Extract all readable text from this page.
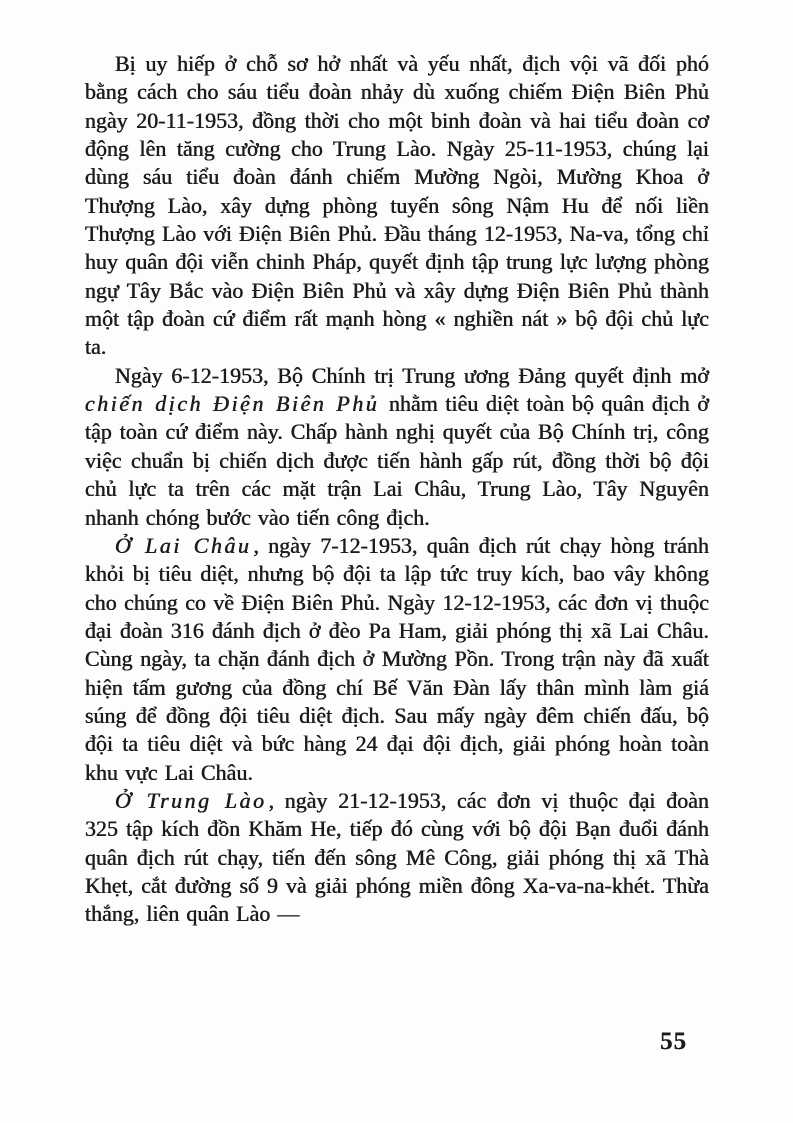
Bị uy hiếp ở chỗ sơ hở nhất và yếu nhất, địch vội vã đối phó bằng cách cho sáu tiểu đoàn nhảy dù xuống chiếm Điện Biên Phủ ngày 20-11-1953, đồng thời cho một binh đoàn và hai tiểu đoàn cơ động lên tăng cường cho Trung Lào. Ngày 25-11-1953, chúng lại dùng sáu tiểu đoàn đánh chiếm Mường Ngòi, Mường Khoa ở Thượng Lào, xây dựng phòng tuyến sông Nậm Hu để nối liền Thượng Lào với Điện Biên Phủ. Đầu tháng 12-1953, Na-va, tổng chỉ huy quân đội viễn chinh Pháp, quyết định tập trung lực lượng phòng ngự Tây Bắc vào Điện Biên Phủ và xây dựng Điện Biên Phủ thành một tập đoàn cứ điểm rất mạnh hòng « nghiền nát » bộ đội chủ lực ta.

Ngày 6-12-1953, Bộ Chính trị Trung ương Đảng quyết định mở chiến dịch Điện Biên Phủ nhằm tiêu diệt toàn bộ quân địch ở tập toàn cứ điểm này. Chấp hành nghị quyết của Bộ Chính trị, công việc chuẩn bị chiến dịch được tiến hành gấp rút, đồng thời bộ đội chủ lực ta trên các mặt trận Lai Châu, Trung Lào, Tây Nguyên nhanh chóng bước vào tiến công địch.

Ở Lai Châu, ngày 7-12-1953, quân địch rút chạy hòng tránh khỏi bị tiêu diệt, nhưng bộ đội ta lập tức truy kích, bao vây không cho chúng co về Điện Biên Phủ. Ngày 12-12-1953, các đơn vị thuộc đại đoàn 316 đánh địch ở đèo Pa Ham, giải phóng thị xã Lai Châu. Cùng ngày, ta chặn đánh địch ở Mường Pồn. Trong trận này đã xuất hiện tấm gương của đồng chí Bế Văn Đàn lấy thân mình làm giá súng để đồng đội tiêu diệt địch. Sau mấy ngày đêm chiến đấu, bộ đội ta tiêu diệt và bức hàng 24 đại đội địch, giải phóng hoàn toàn khu vực Lai Châu.

Ở Trung Lào, ngày 21-12-1953, các đơn vị thuộc đại đoàn 325 tập kích đồn Khăm He, tiếp đó cùng với bộ đội Bạn đuổi đánh quân địch rút chạy, tiến đến sông Mê Công, giải phóng thị xã Thà Khẹt, cắt đường số 9 và giải phóng miền đông Xa-va-na-khét. Thừa thắng, liên quân Lào —

55
